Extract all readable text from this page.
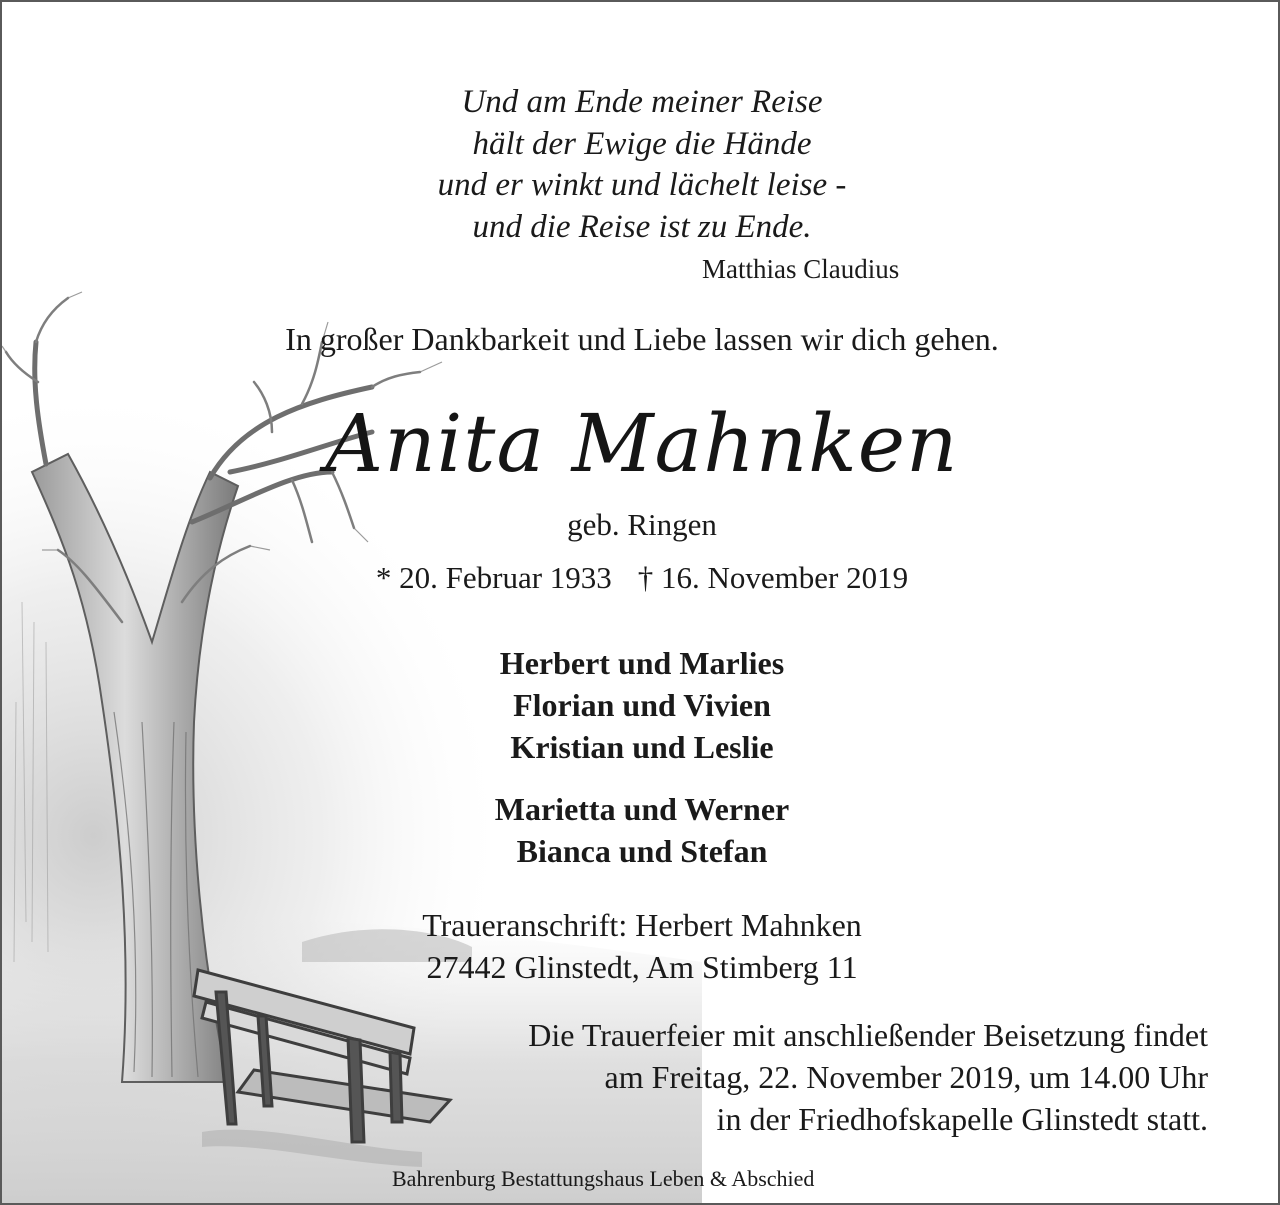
Und am Ende meiner Reise
hält der Ewige die Hände
und er winkt und lächelt leise -
und die Reise ist zu Ende.
Matthias Claudius
In großer Dankbarkeit und Liebe lassen wir dich gehen.
Anita Mahnken
geb. Ringen
* 20. Februar 1933 † 16. November 2019
Herbert und Marlies
Florian und Vivien
Kristian und Leslie
Marietta und Werner
Bianca und Stefan
Traueranschrift: Herbert Mahnken
27442 Glinstedt, Am Stimberg 11
Die Trauerfeier mit anschließender Beisetzung findet
am Freitag, 22. November 2019, um 14.00 Uhr
in der Friedhofskapelle Glinstedt statt.
Bahrenburg Bestattungshaus Leben & Abschied
